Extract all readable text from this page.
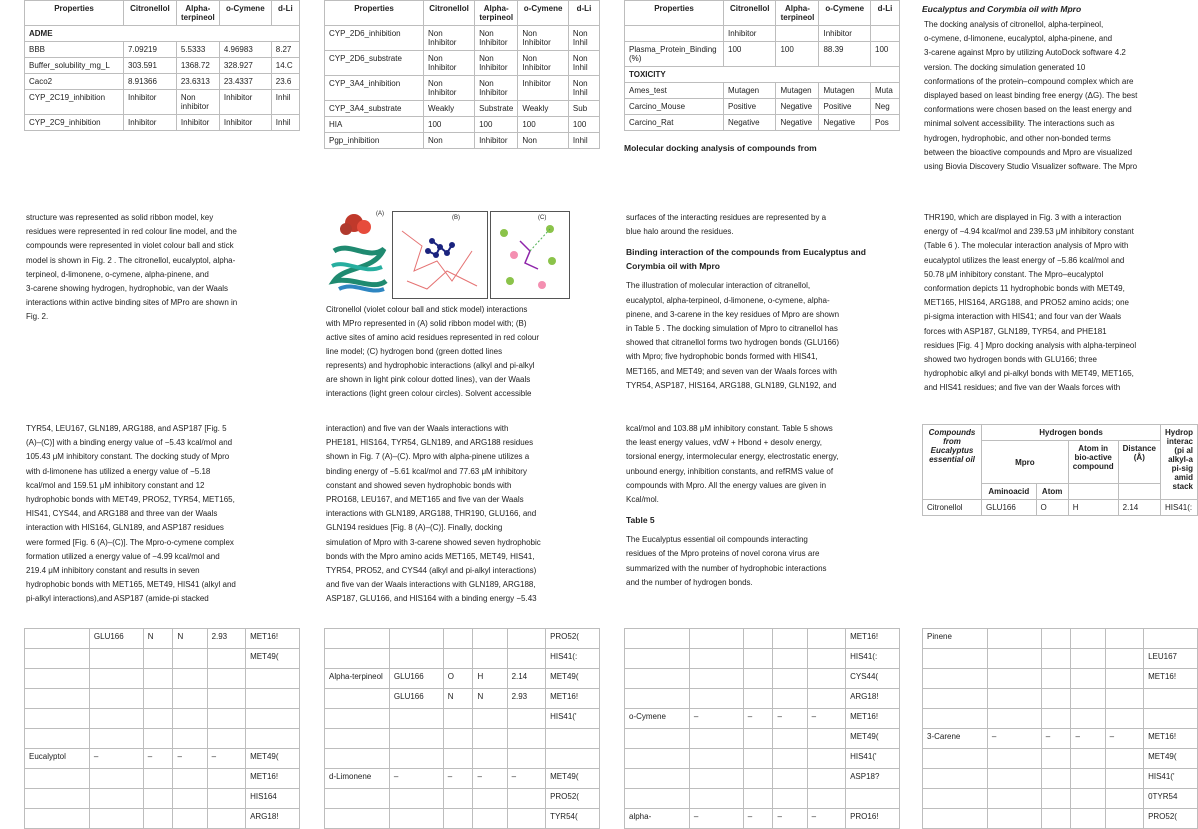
Properties	Citronellol	Alpha-terpineol	o-Cymene	d-Li
ADME				
BBB	7.09219	5.5333	4.96983	8.27
Buffer_solubility_mg_L	303.591	1368.72	328.927	14.C
Caco2	8.91366	23.6313	23.4337	23.6
CYP_2C19_inhibition	Inhibitor	Non inhibitor	Inhibitor	Inhil
CYP_2C9_inhibition	Inhibitor	Inhibitor	Inhibitor	Inhil
Properties	Citronellol	Alpha-terpineol	o-Cymene	d-Li
CYP_2D6_inhibition	Non Inhibitor	Non Inhibitor	Non Inhibitor	Non Inhil
CYP_2D6_substrate	Non Inhibitor	Non Inhibitor	Non Inhibitor	Non Inhil
CYP_3A4_inhibition	Non Inhibitor	Non Inhibitor	Inhibitor	Non Inhil
CYP_3A4_substrate	Weakly	Substrate	Weakly	Sub
HIA	100	100	100	100
Pgp_inhibition	Non	Inhibitor	Non	Inhil
Properties	Citronellol	Alpha-terpineol	o-Cymene	d-Li
	Inhibitor		Inhibitor	
Plasma_Protein_Binding (%)	100	100	88.39	100
TOXICITY				
Ames_test	Mutagen	Mutagen	Mutagen	Muta
Carcino_Mouse	Positive	Negative	Positive	Neg
Carcino_Rat	Negative	Negative	Negative	Pos
Molecular docking analysis of compounds from
Eucalyptus and Corymbia oil with Mpro

The docking analysis of citronellol, alpha-terpineol,

o-cymene, d-limonene, eucalyptol, alpha-pinene, and

3-carene against Mpro by utilizing AutoDock software 4.2

version. The docking simulation generated 10

conformations of the protein–compound complex which are

displayed based on least binding free energy (ΔG). The best

conformations were chosen based on the least energy and

minimal solvent accessibility. The interactions such as

hydrogen, hydrophobic, and other non-bonded terms

between the bioactive compounds and Mpro are visualized

using Biovia Discovery Studio Visualizer software. The Mpro

structure was represented as solid ribbon model, key

residues were represented in red colour line model, and the

compounds were represented in violet colour ball and stick

model is shown in Fig. 2 . The citronellol, eucalyptol, alpha-

terpineol, d-limonene, o-cymene, alpha-pinene, and

3-carene showing hydrogen, hydrophobic, van der Waals

interactions within active binding sites of MPro are shown in

Fig. 2.

(A)
(B)	(C)

Citronellol (violet colour ball and stick model) interactions

with MPro represented in (A) solid ribbon model with; (B)

active sites of amino acid residues represented in red colour

line model; (C) hydrogen bond (green dotted lines

represents) and hydrophobic interactions (alkyl and pi-alkyl

are shown in light pink colour dotted lines), van der Waals

interactions (light green colour circles). Solvent accessible

surfaces of the interacting residues are represented by a

blue halo around the residues.

Binding interaction of the compounds from Eucalyptus and Corymbia oil with Mpro

The illustration of molecular interaction of citranellol,

eucalyptol, alpha-terpineol, d-limonene, o-cymene, alpha-

pinene, and 3-carene in the key residues of Mpro are shown

in Table 5 . The docking simulation of Mpro to citranellol has

showed that citranellol forms two hydrogen bonds (GLU166)

with Mpro; five hydrophobic bonds formed with HIS41,

MET165, and MET49; and seven van der Waals forces with

TYR54, ASP187, HIS164, ARG188, GLN189, GLN192, and

THR190, which are displayed in Fig. 3 with a interaction

energy of −4.94 kcal/mol and 239.53 μM inhibitory constant

(Table 6 ). The molecular interaction analysis of Mpro with

eucalyptol utilizes the least energy of −5.86 kcal/mol and

50.78 μM inhibitory constant. The Mpro–eucalyptol

conformation depicts 11 hydrophobic bonds with MET49,

MET165, HIS164, ARG188, and PRO52 amino acids; one

pi-sigma interaction with HIS41; and four van der Waals

forces with ASP187, GLN189, TYR54, and PHE181

residues [Fig. 4 ] Mpro docking analysis with alpha-terpineol

showed two hydrogen bonds with GLU166; three

hydrophobic alkyl and pi-alkyl bonds with MET49, MET165,

and HIS41 residues; and five van der Waals forces with

TYR54, LEU167, GLN189, ARG188, and ASP187 [Fig. 5

(A)–(C)] with a binding energy value of −5.43 kcal/mol and

105.43 μM inhibitory constant. The docking study of Mpro

with d-limonene has utilized a energy value of −5.18

kcal/mol and 159.51 μM inhibitory constant and 12

hydrophobic bonds with MET49, PRO52, TYR54, MET165,

HIS41, CYS44, and ARG188 and three van der Waals

interaction with HIS164, GLN189, and ASP187 residues

were formed [Fig. 6 (A)–(C)]. The Mpro-o-cymene complex

formation utilized a energy value of −4.99 kcal/mol and

219.4 μM inhibitory constant and results in seven

hydrophobic bonds with MET165, MET49, HIS41 (alkyl and

pi-alkyl interactions),and ASP187 (amide-pi stacked

interaction) and five van der Waals interactions with

PHE181, HIS164, TYR54, GLN189, and ARG188 residues

shown in Fig. 7 (A)–(C). Mpro with alpha-pinene utilizes a

binding energy of −5.61 kcal/mol and 77.63 μM inhibitory

constant and showed seven hydrophobic bonds with

PRO168, LEU167, and MET165 and five van der Waals

interactions with GLN189, ARG188, THR190, GLU166, and

GLN194 residues [Fig. 8 (A)–(C)]. Finally, docking

simulation of Mpro with 3-carene showed seven hydrophobic

bonds with the Mpro amino acids MET165, MET49, HIS41,

TYR54, PRO52, and CYS44 (alkyl and pi-alkyl interactions)

and five van der Waals interactions with GLN189, ARG188,

ASP187, GLU166, and HIS164 with a binding energy −5.43

kcal/mol and 103.88 μM inhibitory constant. Table 5 shows

the least energy values, vdW + Hbond + desolv energy,

torsional energy, intermolecular energy, electrostatic energy,

unbound energy, inhibition constants, and refRMS value of

compounds with Mpro. All the energy values are given in

Kcal/mol.

Table 5

The Eucalyptus essential oil compounds interacting

residues of the Mpro proteins of novel corona virus are

summarized with the number of hydrophobic interactions

and the number of hydrogen bonds.

Compounds from Eucalyptus essential oil	Hydrogen bonds				Hydrop interac (pi al alkyl-a pi-sig amid stack
	Mpro		Atom in bio-active compound	Distance (Å)	
	Aminoacid	Atom			
Citronellol	GLU166	O	H	2.14	HIS41(:
	GLU166	N	N	2.93	MET16!
					MET49(

Eucalyptol	–	–	–	–	MET49(
					MET16!
					HIS164
					ARG18!
					PRO52(
					HIS41(:
Alpha-terpineol	GLU166	O	H	2.14	MET49(
	GLU166	N	N	2.93	MET16!
					HIS41('

d-Limonene	–	–	–	–	MET49(
					PRO52(
					TYR54(
					MET16!
					HIS41(:
					CYS44(
					ARG18!
o-Cymene	–	–	–	–	MET16!
					MET49(
					HIS41('
					ASP18?

alpha-	–	–	–	–	PRO16!
Pinene					
					LEU167
					MET16!

3-Carene	–	–	–	–	MET16!
					MET49(
					HIS41('
					0TYR54
					PRO52(
